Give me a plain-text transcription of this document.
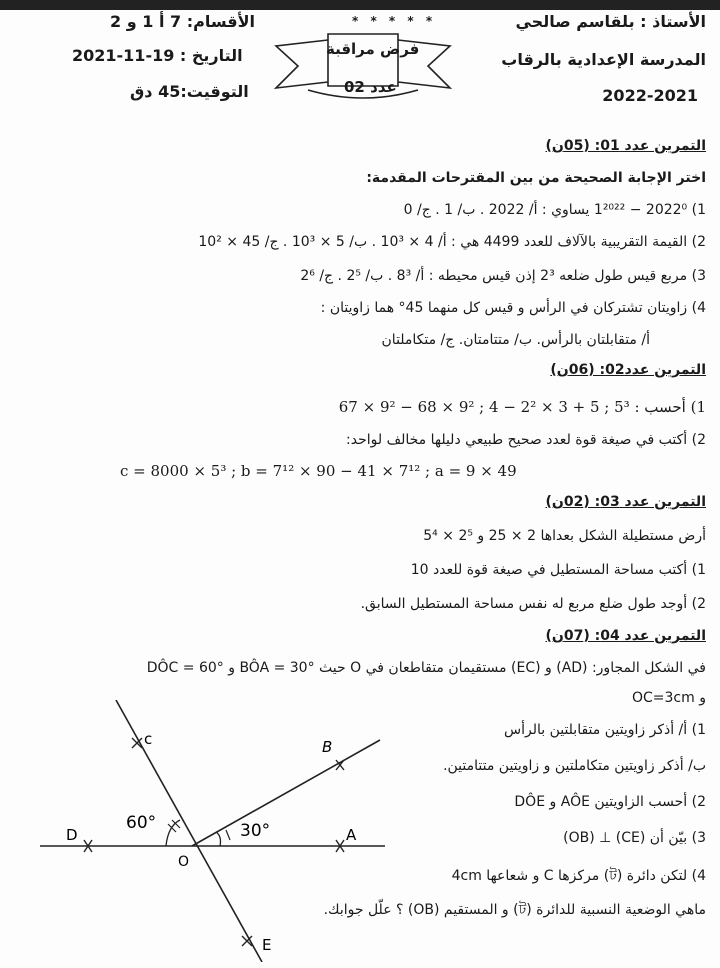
الأستاذ : بلقاسم صالحي
المدرسة الإعدادية بالرقاب
2022-2021
* * * * *
فرض مراقبة
عدد 02
الأقسام: 7 أ 1 و 2
التاريخ : 19-11-2021
التوقيت:45 دق
التمرين عدد 01: (05ن)
اختر الإجابة الصحيحة من بين المقترحات المقدمة:
1) 2022⁰ − 1²⁰²² يساوي : أ/ 2022 . ب/ 1 . ج/ 0
2) القيمة التقريبية بالآلاف للعدد 4499 هي : أ/ 4 × 10³ . ب/ 5 × 10³ . ج/ 45 × 10²
3) مربع قيس طول ضلعه 2³ إذن قيس محيطه : أ/ 8³ . ب/ 2⁵ . ج/ 2⁶
4) زاويتان تشتركان في الرأس و قيس كل منهما 45° هما زاويتان :
أ/ متقابلتان بالرأس. ب/ متتامتان. ج/ متكاملتان
التمرين عدد02: (06ن)
1) أحسب : 5³ ; 5 + 3 × 2² − 4 ; 9² × 68 − 9² × 67
2) أكتب في صيغة قوة لعدد صحيح طبيعي دليلها مخالف لواحد:
c = 8000 × 5³ ; b = 7¹² × 90 − 41 × 7¹² ; a = 9 × 49
التمرين عدد 03: (02ن)
أرض مستطيلة الشكل بعداها 2 × 25 و 2⁵ × 5⁴
1) أكتب مساحة المستطيل في صيغة قوة للعدد 10
2) أوجد طول ضلع مربع له نفس مساحة المستطيل السابق.
التمرين عدد 04: (07ن)
في الشكل المجاور: (AD) و (EC) مستقيمان متقاطعان في O حيث BÔA = 30° و DÔC = 60°
و OC=3cm
1) أ/ أذكر زاويتين متقابلتين بالرأس
ب/ أذكر زاويتين متكاملتين و زاويتين متتامتين.
2) أحسب الزاويتين AÔE و DÔE
3) بيّن أن (CE) ⊥ (OB)
4) لتكن دائرة (ট) مركزها C و شعاعها 4cm
ماهي الوضعية النسبية للدائرة (ট) و المستقيم (OB) ؟ علّل جوابك.
D	A
c	B
O
E
60°	30°
